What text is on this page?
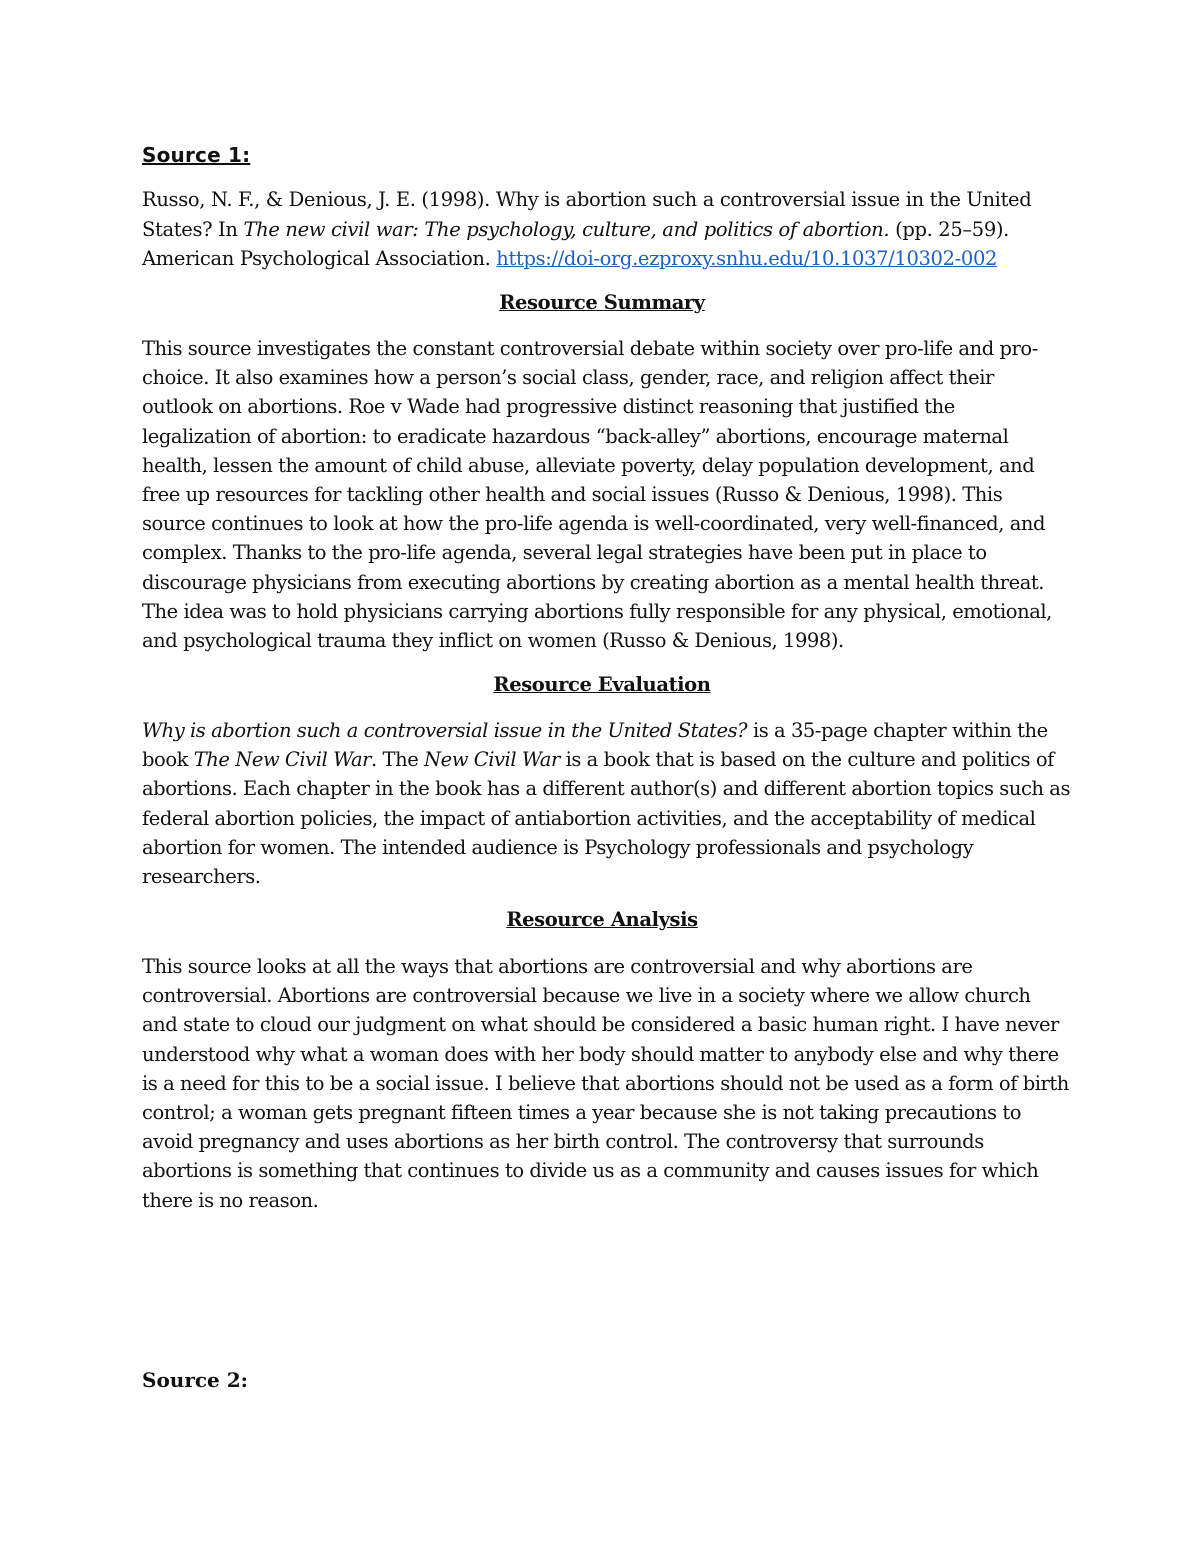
Source 1:
Russo, N. F., & Denious, J. E. (1998). Why is abortion such a controversial issue in the United
States? In The new civil war: The psychology, culture, and politics of abortion. (pp. 25–59).
American Psychological Association. https://doi-org.ezproxy.snhu.edu/10.1037/10302-002
Resource Summary
This source investigates the constant controversial debate within society over pro-life and pro-
choice. It also examines how a person’s social class, gender, race, and religion affect their
outlook on abortions. Roe v Wade had progressive distinct reasoning that justified the
legalization of abortion: to eradicate hazardous “back-alley” abortions, encourage maternal
health, lessen the amount of child abuse, alleviate poverty, delay population development, and
free up resources for tackling other health and social issues (Russo & Denious, 1998). This
source continues to look at how the pro-life agenda is well-coordinated, very well-financed, and
complex. Thanks to the pro-life agenda, several legal strategies have been put in place to
discourage physicians from executing abortions by creating abortion as a mental health threat.
The idea was to hold physicians carrying abortions fully responsible for any physical, emotional,
and psychological trauma they inflict on women (Russo & Denious, 1998).
Resource Evaluation
Why is abortion such a controversial issue in the United States? is a 35-page chapter within the
book The New Civil War. The New Civil War is a book that is based on the culture and politics of
abortions. Each chapter in the book has a different author(s) and different abortion topics such as
federal abortion policies, the impact of antiabortion activities, and the acceptability of medical
abortion for women. The intended audience is Psychology professionals and psychology
researchers.
Resource Analysis
This source looks at all the ways that abortions are controversial and why abortions are
controversial. Abortions are controversial because we live in a society where we allow church
and state to cloud our judgment on what should be considered a basic human right. I have never
understood why what a woman does with her body should matter to anybody else and why there
is a need for this to be a social issue. I believe that abortions should not be used as a form of birth
control; a woman gets pregnant fifteen times a year because she is not taking precautions to
avoid pregnancy and uses abortions as her birth control. The controversy that surrounds
abortions is something that continues to divide us as a community and causes issues for which
there is no reason.
Source 2:
